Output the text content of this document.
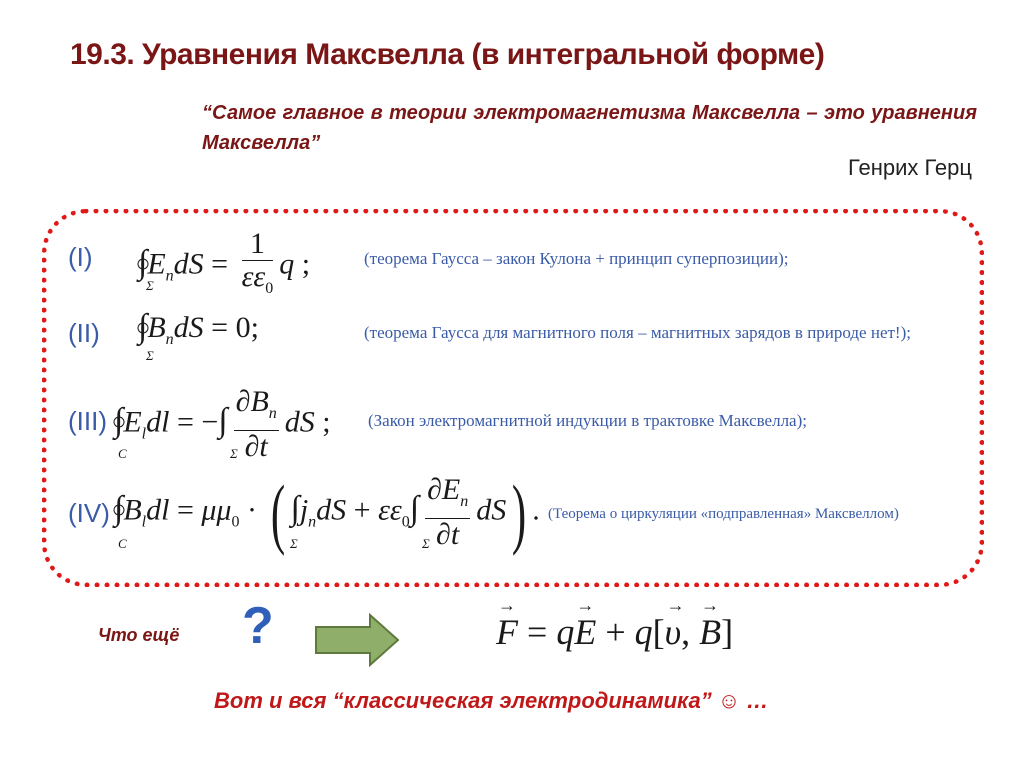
19.3. Уравнения Максвелла (в интегральной форме)
“Самое главное в теории электромагнетизма Максвелла – это уравнения Максвелла”
Генрих Герц
(I) ∫
$E_ndS = \frac{1}{\varepsilon\varepsilon_0}$ q ;
Σ
(теорема Гаусса – закон Кулона + принцип суперпозиции);
(II) ∫
$B_ndS = 0$;
Σ
(теорема Гаусса для магнитного поля – магнитных зарядов в природе нет!);
(III) ∫
$E_ldl$ = −∫ $\frac{\partial B_n}{\partial t}$ dS ;
C	Σ
(Закон электромагнитной индукции в трактовке Максвелла);
(IV) ∫
$B_ldl = \mu\mu_0$ · ( $\int j_ndS + \varepsilon\varepsilon_0\int \frac{\partial E_n}{\partial t} dS$) .
C	Σ	Σ
(Теорема о циркуляции «подправленная» Максвеллом)
Что ещё ?
→	F = q→ E + q[→ υ, → B]
Вот и вся “классическая электродинамика” ☺ …
